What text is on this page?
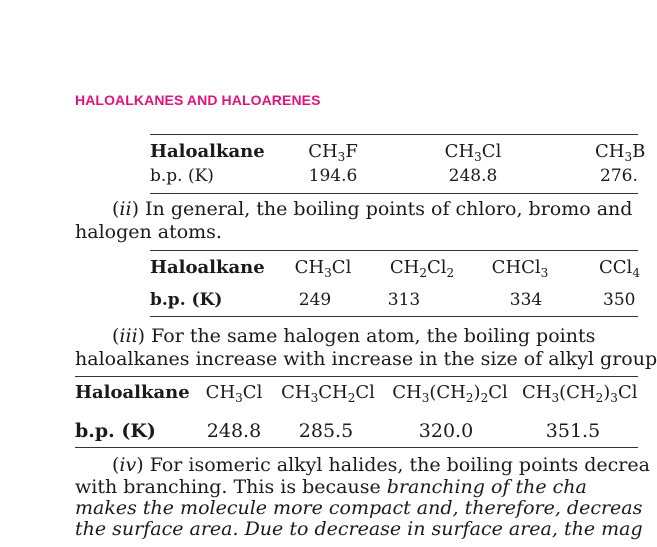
HALOALKANES AND HALOARENES
Haloalkane $CH_3F$	$CH_3Cl$	$CH_3B$
b.p. (K)	194.6	248.8	276.
(ii) In general, the boiling points of chloro, bromo and
halogen atoms.
Haloalkane $CH_3Cl$ $CH_2Cl_2$ CHCl$_3$	CCl$_4$
b.p. (K)	249	313	334	350
(iii) For the same halogen atom, the boiling points
haloalkanes increase with increase in the size of alkyl group
Haloalkane $CH_3Cl$ $CH_3CH_2Cl$ $CH_3(CH_2)_2Cl$ $CH_3(CH_2)_3Cl$
b.p. (K)	248.8 285.5	320.0	351.5
(iv) For isomeric alkyl halides, the boiling points decrea
with branching. This is because branching of the cha
makes the molecule more compact and, therefore, decreas
the surface area. Due to decrease in surface area, the mag
